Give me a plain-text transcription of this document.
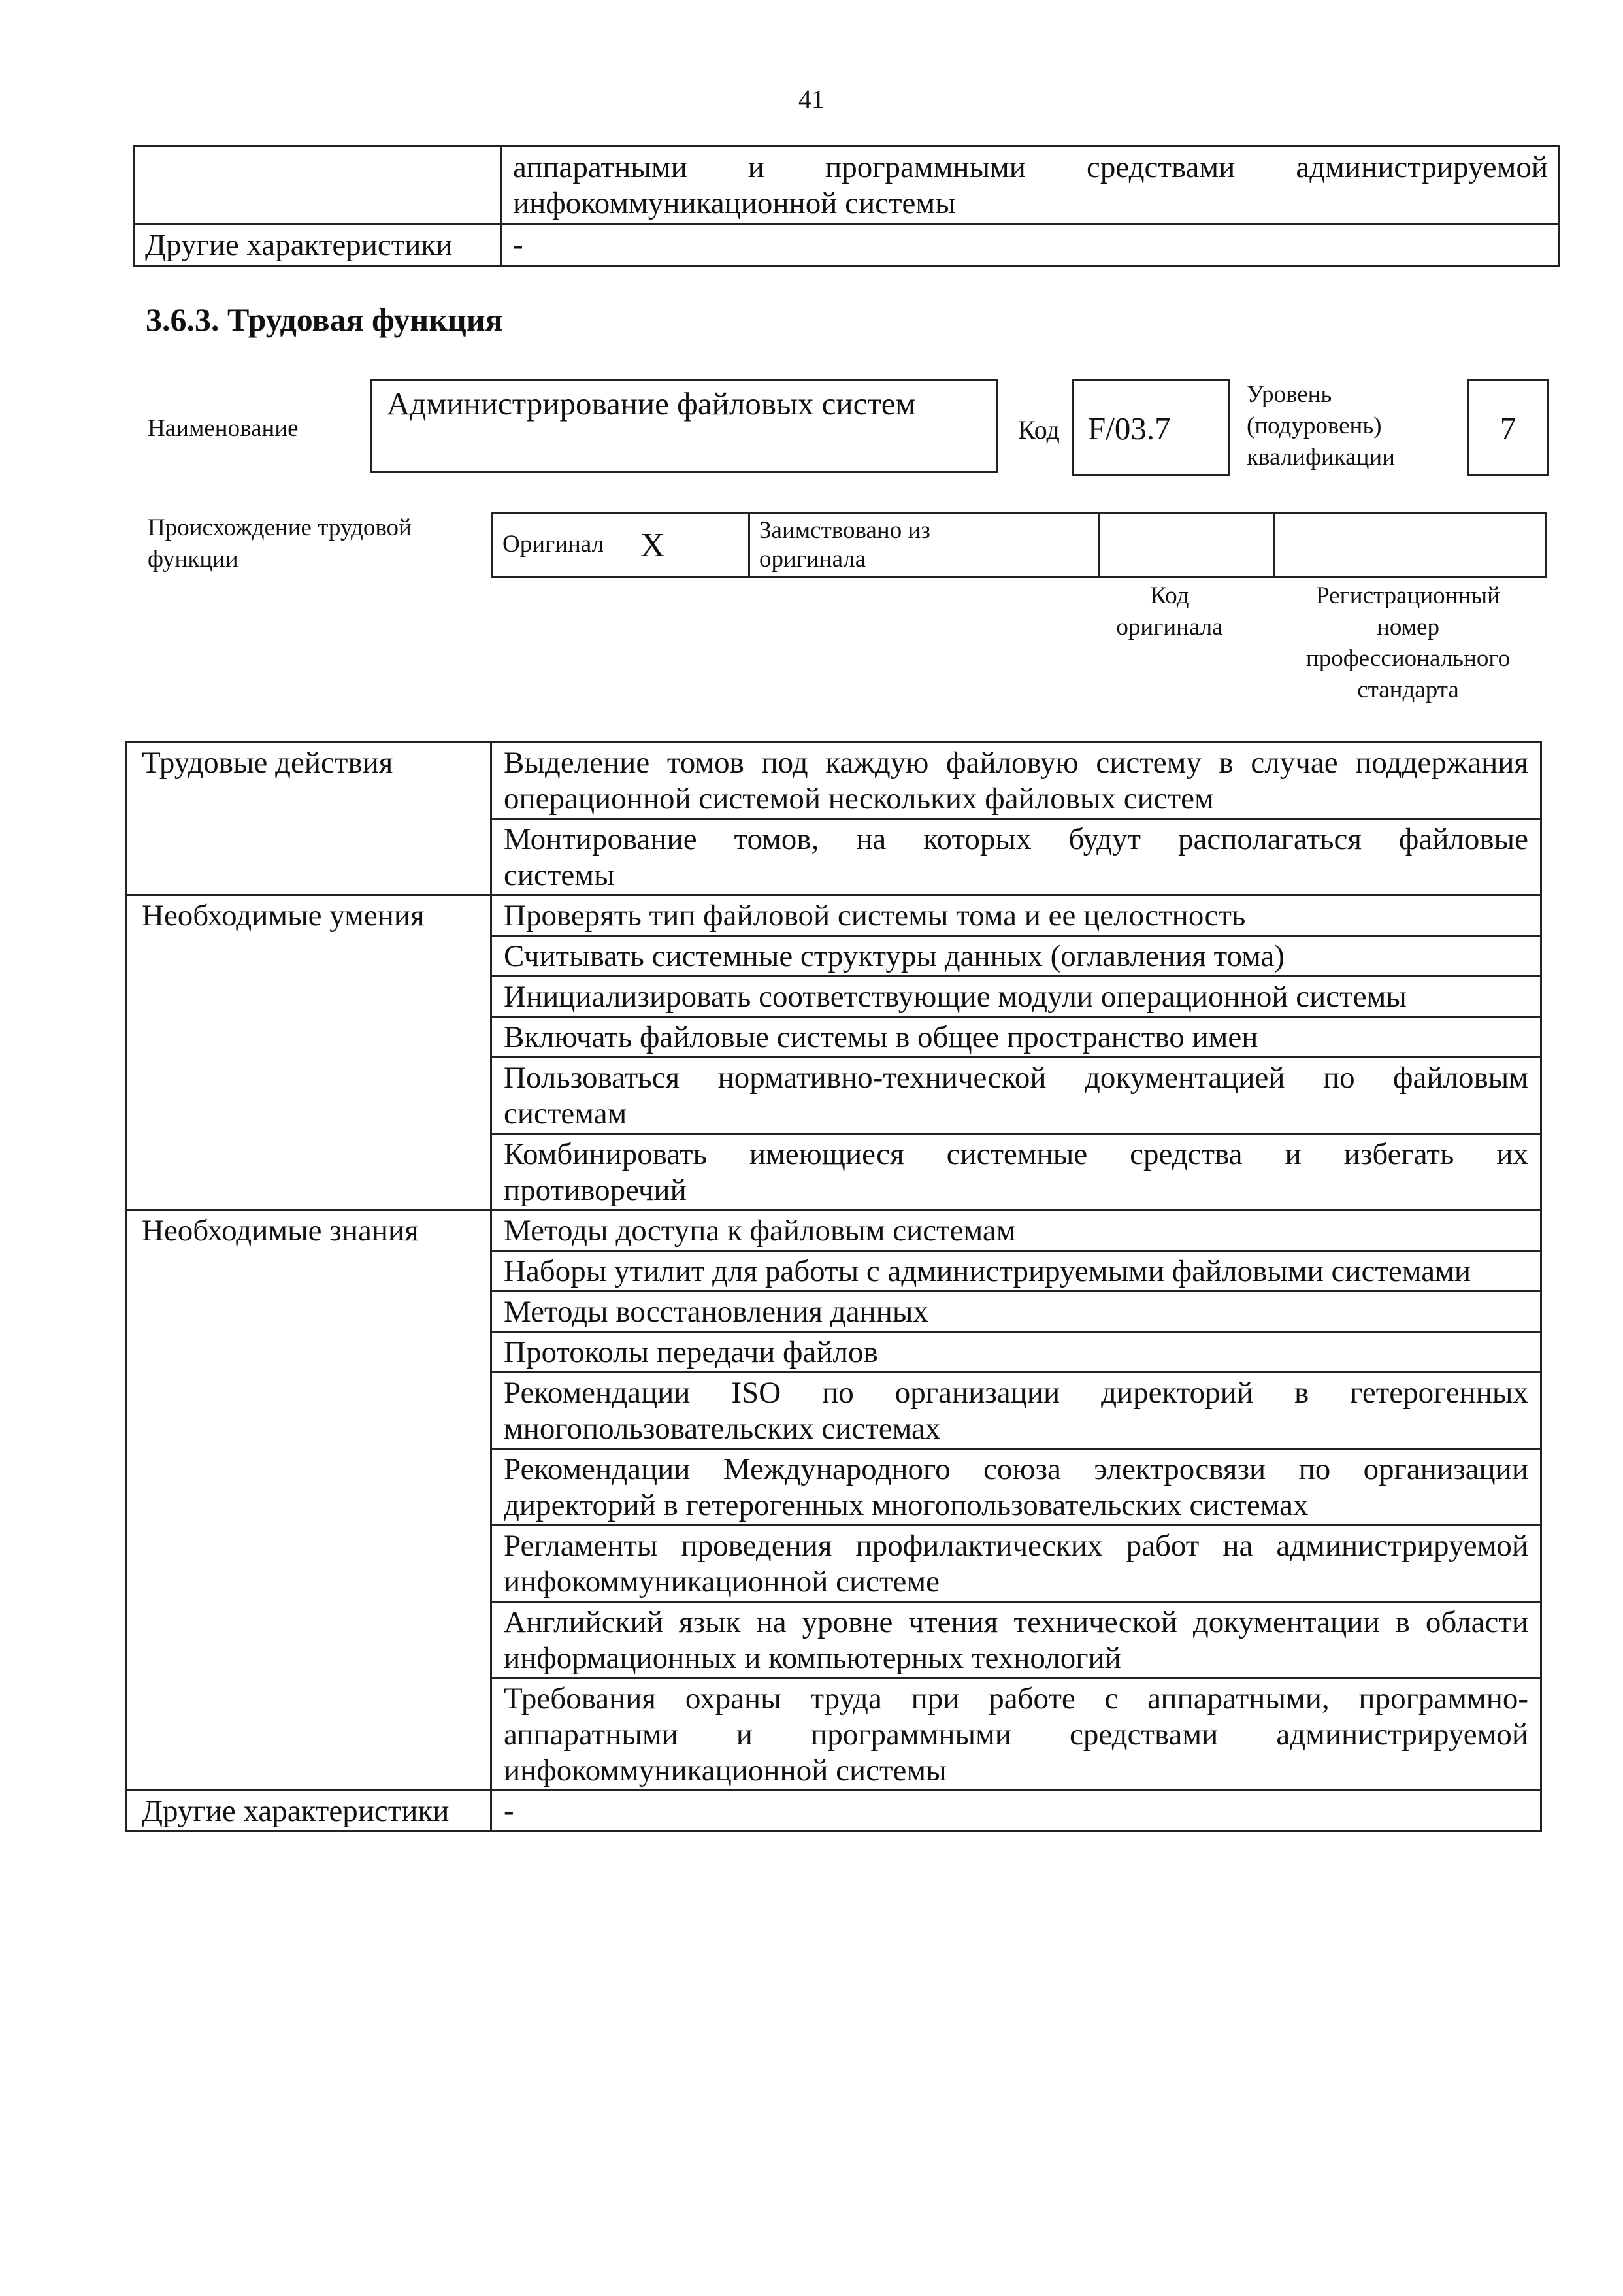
41

	аппаратными и программными средствами администрируемой
инфокоммуникационной системы

Другие характеристики	-
3.6.3. Трудовая функция
Наименование
Администрирование файловых систем
Код F/03.7
Уровень
(подуровень)
квалификации
7
Происхождение трудовой
функции
Оригинал X	Заимствовано из
оригинала

Код
оригинала
Регистрационный
номер
профессионального
стандарта
Трудовые действия	Выделение томов под каждую файловую систему в случае поддержания
операционной системой нескольких файловых систем

	Монтирование томов, на которых будут располагаться файловые
системы

Необходимые умения	Проверять тип файловой системы тома и ее целостность
	Считывать системные структуры данных (оглавления тома)
	Инициализировать соответствующие модули операционной системы
	Включать файловые системы в общее пространство имен

	Пользоваться нормативно-технической документацией по файловым
системам

	Комбинировать имеющиеся системные средства и избегать их
противоречий

Необходимые знания	Методы доступа к файловым системам
	Наборы утилит для работы с администрируемыми файловыми системами
	Методы восстановления данных
	Протоколы передачи файлов

	Рекомендации ISO по организации директорий в гетерогенных
многопользовательских системах

	Рекомендации Международного союза электросвязи по организации
директорий в гетерогенных многопользовательских системах

	Регламенты проведения профилактических работ на администрируемой
инфокоммуникационной системе

	Английский язык на уровне чтения технической документации в области
информационных и компьютерных технологий

	Требования охраны труда при работе с аппаратными, программно-
аппаратными и программными средствами администрируемой
инфокоммуникационной системы

Другие характеристики	-
